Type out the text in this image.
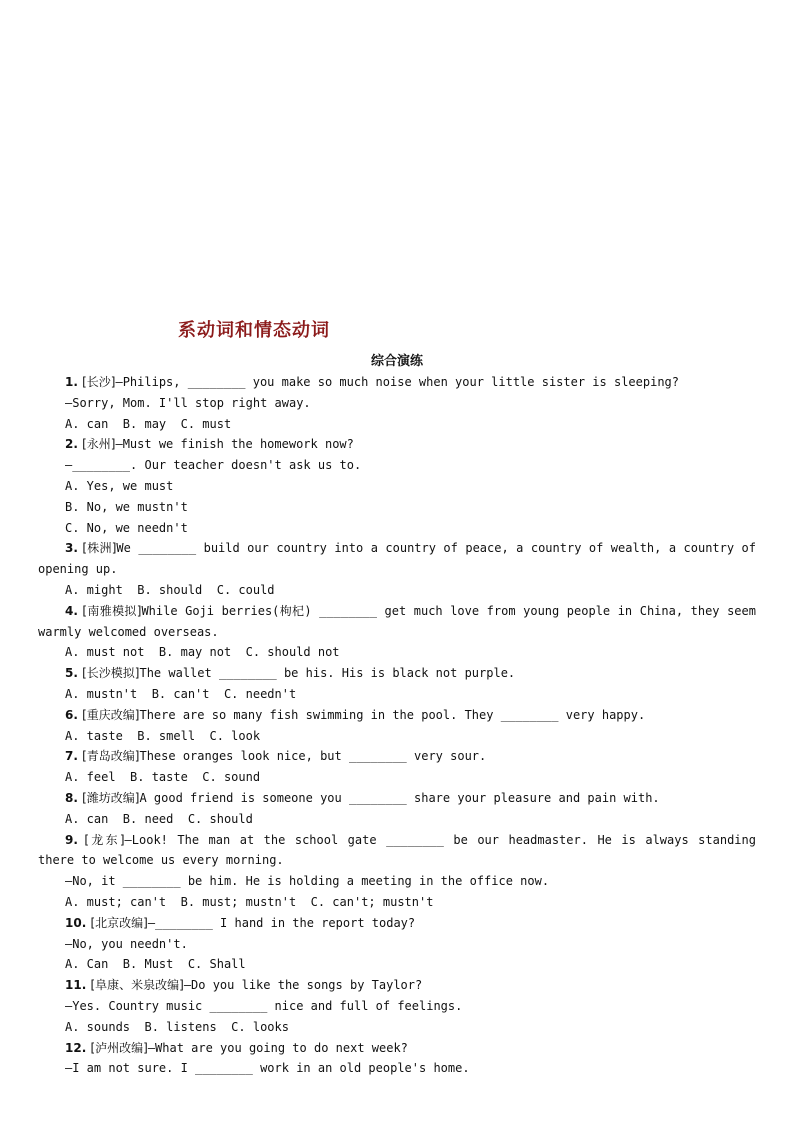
系动词和情态动词
综合演练
1. [长沙]—Philips, ________ you make so much noise when your little sister is sleeping?
—Sorry, Mom. I'll stop right away.
A. can  B. may  C. must
2. [永州]—Must we finish the homework now?
—________. Our teacher doesn't ask us to.
A. Yes, we must
B. No, we mustn't
C. No, we needn't
3. [株洲]We ________ build our country into a country of peace, a country of wealth, a country of opening up.
A. might  B. should  C. could
4. [南雅模拟]While Goji berries(枸杞) ________ get much love from young people in China, they seem warmly welcomed overseas.
A. must not  B. may not  C. should not
5. [长沙模拟]The wallet ________ be his. His is black not purple.
A. mustn't  B. can't  C. needn't
6. [重庆改编]There are so many fish swimming in the pool. They ________ very happy.
A. taste  B. smell  C. look
7. [青岛改编]These oranges look nice, but ________ very sour.
A. feel  B. taste  C. sound
8. [潍坊改编]A good friend is someone you ________ share your pleasure and pain with.
A. can  B. need  C. should
9. [龙东]—Look! The man at the school gate ________ be our headmaster. He is always standing there to welcome us every morning.
—No, it ________ be him. He is holding a meeting in the office now.
A. must; can't  B. must; mustn't  C. can't; mustn't
10. [北京改编]—________ I hand in the report today?
—No, you needn't.
A. Can  B. Must  C. Shall
11. [阜康、米泉改编]—Do you like the songs by Taylor?
—Yes. Country music ________ nice and full of feelings.
A. sounds  B. listens  C. looks
12. [泸州改编]—What are you going to do next week?
—I am not sure. I ________ work in an old people's home.
